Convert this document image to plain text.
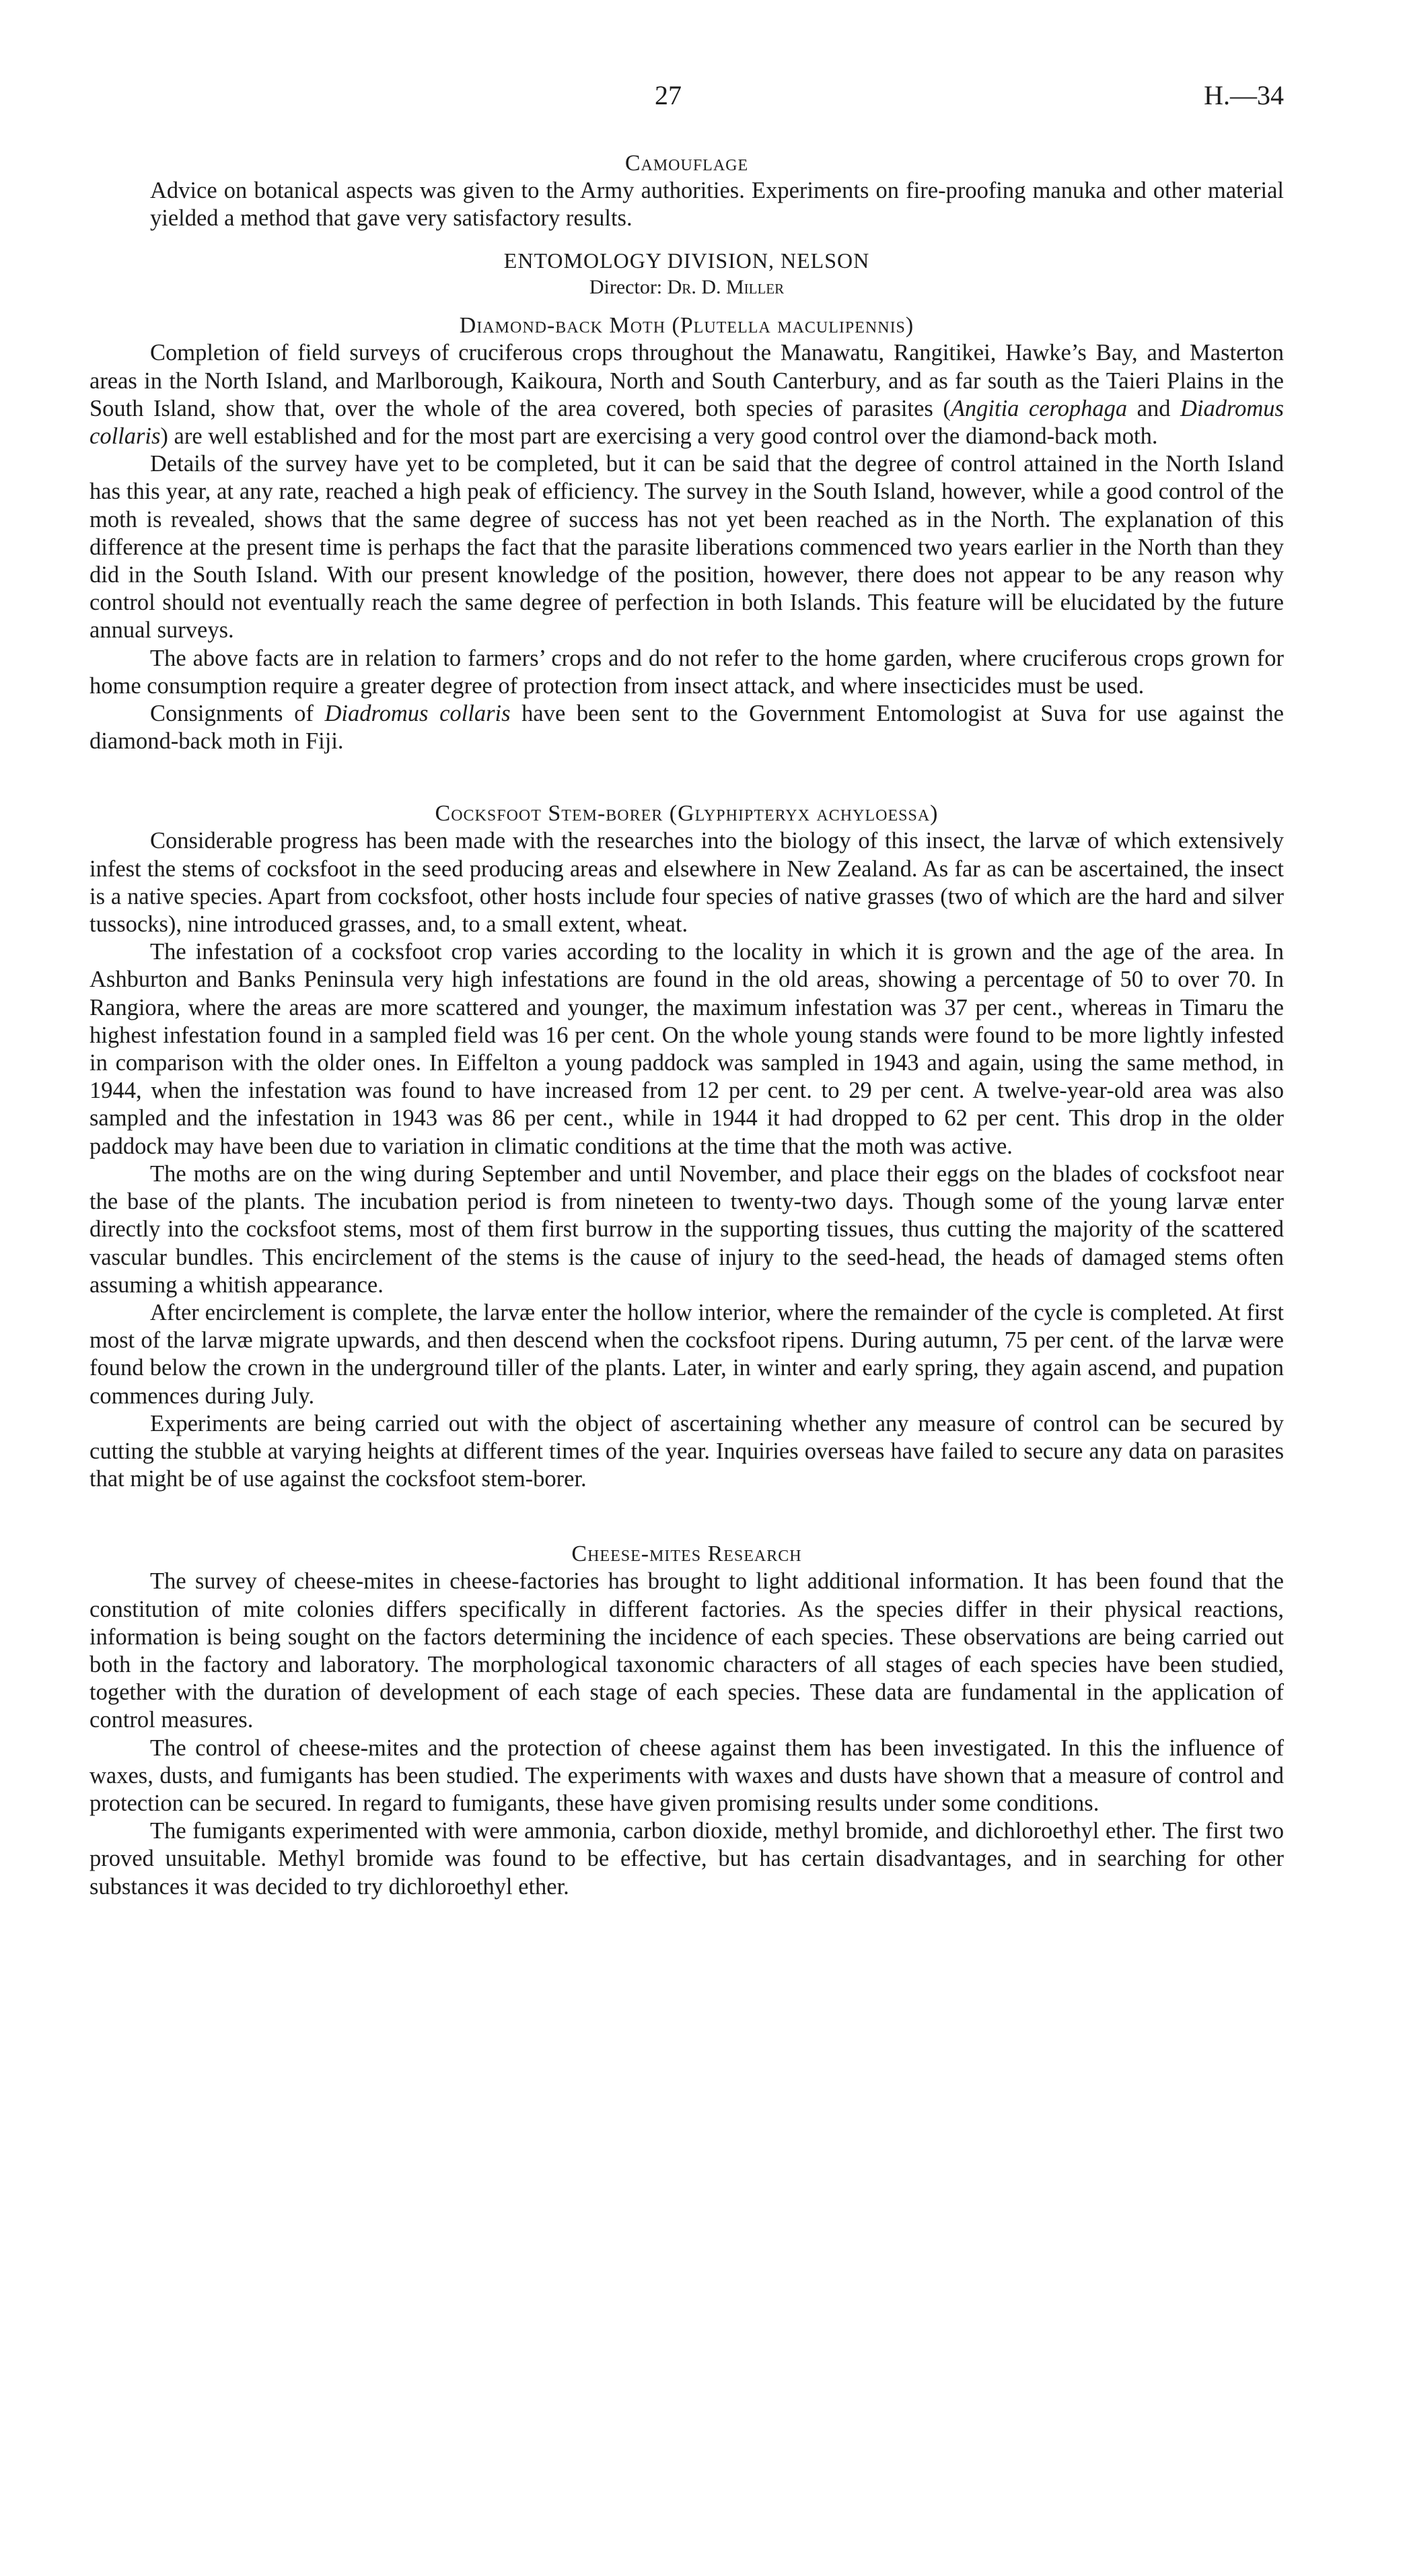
27	H.—34
Camouflage

Advice on botanical aspects was given to the Army authorities. Experiments on fire-proofing manuka and other material yielded a method that gave very satisfactory results.

ENTOMOLOGY DIVISION, NELSON
Director: Dr. D. Miller
Diamond-back Moth (Plutella maculipennis)

Completion of field surveys of cruciferous crops throughout the Manawatu, Rangitikei, Hawke’s Bay, and Masterton areas in the North Island, and Marlborough, Kaikoura, North and South Canterbury, and as far south as the Taieri Plains in the South Island, show that, over the whole of the area covered, both species of parasites (Angitia cerophaga and Diadromus collaris) are well established and for the most part are exercising a very good control over the diamond-back moth.

Details of the survey have yet to be completed, but it can be said that the degree of control attained in the North Island has this year, at any rate, reached a high peak of efficiency. The survey in the South Island, however, while a good control of the moth is revealed, shows that the same degree of success has not yet been reached as in the North. The explanation of this difference at the present time is perhaps the fact that the parasite liberations commenced two years earlier in the North than they did in the South Island. With our present knowledge of the position, however, there does not appear to be any reason why control should not eventually reach the same degree of perfection in both Islands. This feature will be elucidated by the future annual surveys.

The above facts are in relation to farmers’ crops and do not refer to the home garden, where cruciferous crops grown for home consumption require a greater degree of protection from insect attack, and where insecticides must be used.

Consignments of Diadromus collaris have been sent to the Government Entomologist at Suva for use against the diamond-back moth in Fiji.

Cocksfoot Stem-borer (Glyphipteryx achyloessa)

Considerable progress has been made with the researches into the biology of this insect, the larvæ of which extensively infest the stems of cocksfoot in the seed producing areas and elsewhere in New Zealand. As far as can be ascertained, the insect is a native species. Apart from cocksfoot, other hosts include four species of native grasses (two of which are the hard and silver tussocks), nine introduced grasses, and, to a small extent, wheat.

The infestation of a cocksfoot crop varies according to the locality in which it is grown and the age of the area. In Ashburton and Banks Peninsula very high infestations are found in the old areas, showing a percentage of 50 to over 70. In Rangiora, where the areas are more scattered and younger, the maximum infestation was 37 per cent., whereas in Timaru the highest infestation found in a sampled field was 16 per cent. On the whole young stands were found to be more lightly infested in comparison with the older ones. In Eiffelton a young paddock was sampled in 1943 and again, using the same method, in 1944, when the infestation was found to have increased from 12 per cent. to 29 per cent. A twelve-year-old area was also sampled and the infestation in 1943 was 86 per cent., while in 1944 it had dropped to 62 per cent. This drop in the older paddock may have been due to variation in climatic conditions at the time that the moth was active.

The moths are on the wing during September and until November, and place their eggs on the blades of cocksfoot near the base of the plants. The incubation period is from nineteen to twenty-two days. Though some of the young larvæ enter directly into the cocksfoot stems, most of them first burrow in the supporting tissues, thus cutting the majority of the scattered vascular bundles. This encirclement of the stems is the cause of injury to the seed-head, the heads of damaged stems often assuming a whitish appearance.

After encirclement is complete, the larvæ enter the hollow interior, where the remainder of the cycle is completed. At first most of the larvæ migrate upwards, and then descend when the cocksfoot ripens. During autumn, 75 per cent. of the larvæ were found below the crown in the underground tiller of the plants. Later, in winter and early spring, they again ascend, and pupation commences during July.

Experiments are being carried out with the object of ascertaining whether any measure of control can be secured by cutting the stubble at varying heights at different times of the year. Inquiries overseas have failed to secure any data on parasites that might be of use against the cocksfoot stem-borer.

Cheese-mites Research

The survey of cheese-mites in cheese-factories has brought to light additional information. It has been found that the constitution of mite colonies differs specifically in different factories. As the species differ in their physical reactions, information is being sought on the factors determining the incidence of each species. These observations are being carried out both in the factory and laboratory. The morphological taxonomic characters of all stages of each species have been studied, together with the duration of development of each stage of each species. These data are fundamental in the application of control measures.

The control of cheese-mites and the protection of cheese against them has been investigated. In this the influence of waxes, dusts, and fumigants has been studied. The experiments with waxes and dusts have shown that a measure of control and protection can be secured. In regard to fumigants, these have given promising results under some conditions.

The fumigants experimented with were ammonia, carbon dioxide, methyl bromide, and dichloroethyl ether. The first two proved unsuitable. Methyl bromide was found to be effective, but has certain disadvantages, and in searching for other substances it was decided to try dichloroethyl ether.
